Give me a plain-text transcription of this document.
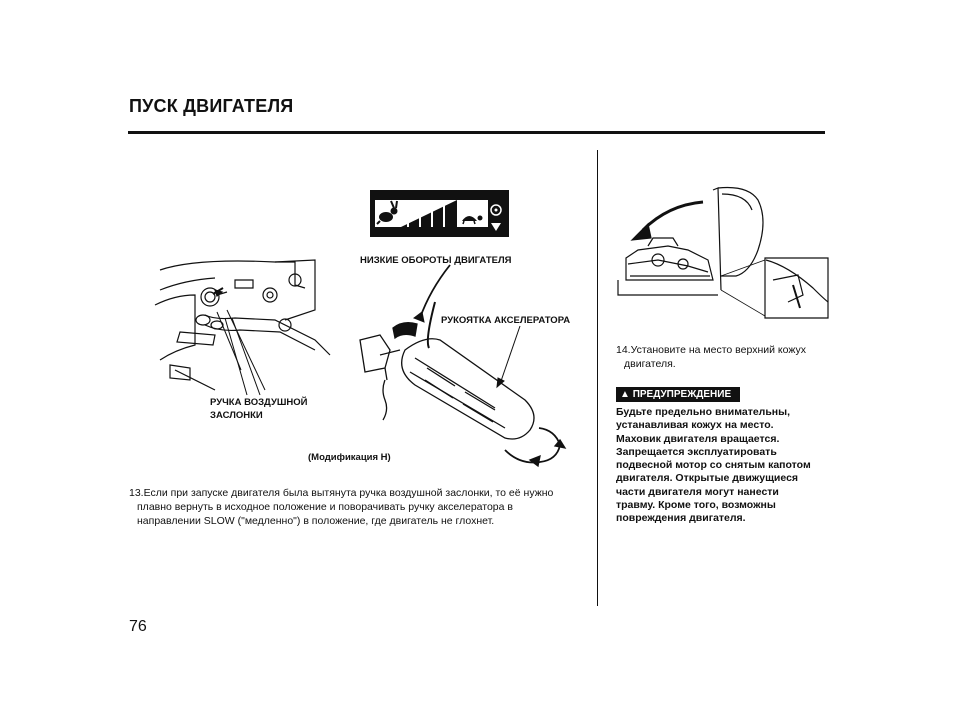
ПУСК ДВИГАТЕЛЯ
НИЗКИЕ ОБОРОТЫ ДВИГАТЕЛЯ
РУКОЯТКА АКСЕЛЕРАТОРА
РУЧКА ВОЗДУШНОЙ
ЗАСЛОНКИ
(Модификация H)
13.Если при запуске двигателя была вытянута ручка воздушной заслонки, то её нужно
плавно вернуть в исходное положение и поворачивать ручку акселератора в
направлении SLOW ("медленно") в положение, где двигатель не глохнет.
14.Установите на место верхний кожух
двигателя.
▲ ПРЕДУПРЕЖДЕНИЕ
Будьте предельно внимательны,
устанавливая кожух на место.
Маховик двигателя вращается.
Запрещается эксплуатировать
подвесной мотор со снятым капотом
двигателя. Открытые движущиеся
части двигателя могут нанести
травму. Кроме того, возможны
повреждения двигателя.
76
